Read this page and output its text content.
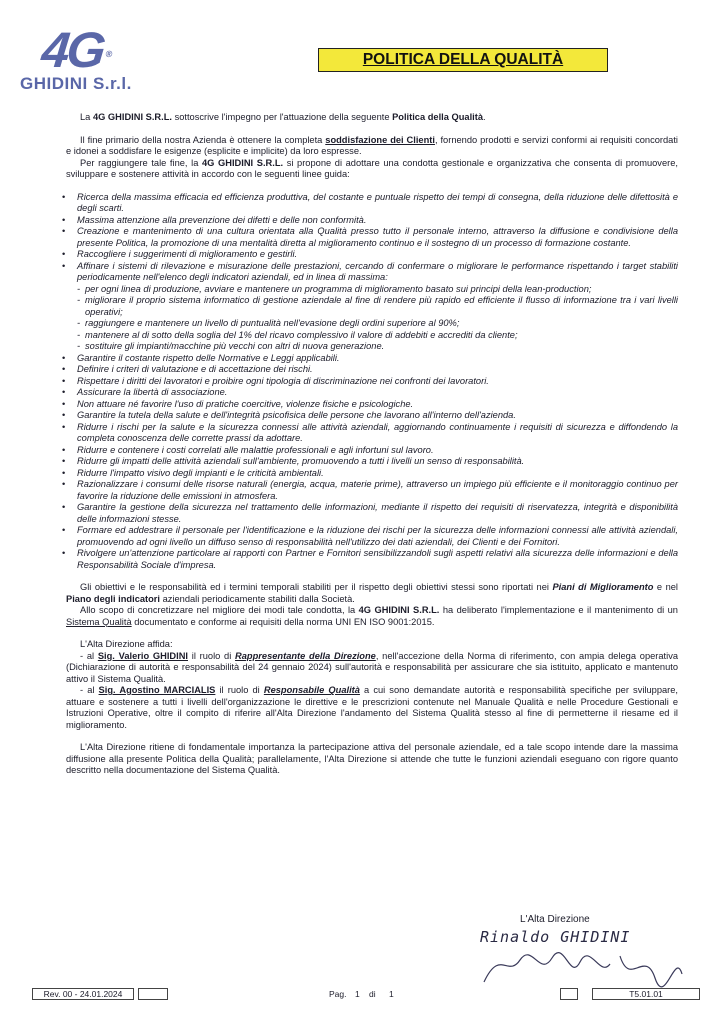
4G ®
GHIDINI S.r.l.
POLITICA DELLA QUALITÀ

La 4G GHIDINI S.R.L. sottoscrive l'impegno per l'attuazione della seguente Politica della Qualità.

Il fine primario della nostra Azienda è ottenere la completa soddisfazione dei Clienti, fornendo prodotti e servizi conformi ai requisiti concordati e idonei a soddisfare le esigenze (esplicite e implicite) da loro espresse.

Per raggiungere tale fine, la 4G GHIDINI S.R.L. si propone di adottare una condotta gestionale e organizzativa che consenta di promuovere, sviluppare e sostenere attività in accordo con le seguenti linee guida:

• Ricerca della massima efficacia ed efficienza produttiva, del costante e puntuale rispetto dei tempi di consegna, della riduzione delle difettosità e degli scarti.
• Massima attenzione alla prevenzione dei difetti e delle non conformità.
• Creazione e mantenimento di una cultura orientata alla Qualità presso tutto il personale interno, attraverso la diffusione e condivisione della presente Politica, la promozione di una mentalità diretta al miglioramento continuo e il sostegno di un processo di formazione costante.
• Raccogliere i suggerimenti di miglioramento e gestirli.
• Affinare i sistemi di rilevazione e misurazione delle prestazioni, cercando di confermare o migliorare le performance rispettando i target stabiliti periodicamente nell'elenco degli indicatori aziendali, ed in linea di massima:
- per ogni linea di produzione, avviare e mantenere un programma di miglioramento basato sui principi della lean-production;
- migliorare il proprio sistema informatico di gestione aziendale al fine di rendere più rapido ed efficiente il flusso di informazione tra i vari livelli operativi;
- raggiungere e mantenere un livello di puntualità nell'evasione degli ordini superiore al 90%;
- mantenere al di sotto della soglia del 1% del ricavo complessivo il valore di addebiti e accrediti da cliente;
- sostituire gli impianti/macchine più vecchi con altri di nuova generazione.
• Garantire il costante rispetto delle Normative e Leggi applicabili.
• Definire i criteri di valutazione e di accettazione dei rischi.
• Rispettare i diritti dei lavoratori e proibire ogni tipologia di discriminazione nei confronti dei lavoratori.
• Assicurare la libertà di associazione.
• Non attuare né favorire l'uso di pratiche coercitive, violenze fisiche e psicologiche.
• Garantire la tutela della salute e dell'integrità psicofisica delle persone che lavorano all'interno dell'azienda.
• Ridurre i rischi per la salute e la sicurezza connessi alle attività aziendali, aggiornando continuamente i requisiti di sicurezza e diffondendo la completa conoscenza delle corrette prassi da adottare.
• Ridurre e contenere i costi correlati alle malattie professionali e agli infortuni sul lavoro.
• Ridurre gli impatti delle attività aziendali sull'ambiente, promuovendo a tutti i livelli un senso di responsabilità.
• Ridurre l'impatto visivo degli impianti e le criticità ambientali.
• Razionalizzare i consumi delle risorse naturali (energia, acqua, materie prime), attraverso un impiego più efficiente e il monitoraggio continuo per favorire la riduzione delle emissioni in atmosfera.
• Garantire la gestione della sicurezza nel trattamento delle informazioni, mediante il rispetto dei requisiti di riservatezza, integrità e disponibilità delle informazioni stesse.
• Formare ed addestrare il personale per l'identificazione e la riduzione dei rischi per la sicurezza delle informazioni connessi alle attività aziendali, promuovendo ad ogni livello un diffuso senso di responsabilità nell'utilizzo dei dati aziendali, dei Clienti e dei Fornitori.
• Rivolgere un'attenzione particolare ai rapporti con Partner e Fornitori sensibilizzandoli sugli aspetti relativi alla sicurezza delle informazioni e della Responsabilità Sociale d'impresa.

Gli obiettivi e le responsabilità ed i termini temporali stabiliti per il rispetto degli obiettivi stessi sono riportati nei Piani di Miglioramento e nel Piano degli indicatori aziendali periodicamente stabiliti dalla Società.

Allo scopo di concretizzare nel migliore dei modi tale condotta, la 4G GHIDINI S.R.L. ha deliberato l'implementazione e il mantenimento di un Sistema Qualità documentato e conforme ai requisiti della norma UNI EN ISO 9001:2015.

L'Alta Direzione affida:

- al Sig. Valerio GHIDINI il ruolo di Rappresentante della Direzione, nell'accezione della Norma di riferimento, con ampia delega operativa (Dichiarazione di autorità e responsabilità del 24 gennaio 2024) sull'autorità e responsabilità per assicurare che sia istituito, applicato e mantenuto attivo il Sistema Qualità.

- al Sig. Agostino MARCIALIS il ruolo di Responsabile Qualità a cui sono demandate autorità e responsabilità specifiche per sviluppare, attuare e sostenere a tutti i livelli dell'organizzazione le direttive e le prescrizioni contenute nel Manuale Qualità e nelle Procedure Gestionali e Istruzioni Operative, oltre il compito di riferire all'Alta Direzione l'andamento del Sistema Qualità stesso al fine di permetterne il riesame ed il miglioramento.

L'Alta Direzione ritiene di fondamentale importanza la partecipazione attiva del personale aziendale, ed a tale scopo intende dare la massima diffusione alla presente Politica della Qualità; parallelamente, l'Alta Direzione si attende che tutte le funzioni aziendali eseguano con rigore quanto descritto nella documentazione del Sistema Qualità.

L'Alta Direzione
Rinaldo GHIDINI
Rev. 00 - 24.01.2024	Pag. 1 di 1	T5.01.01
